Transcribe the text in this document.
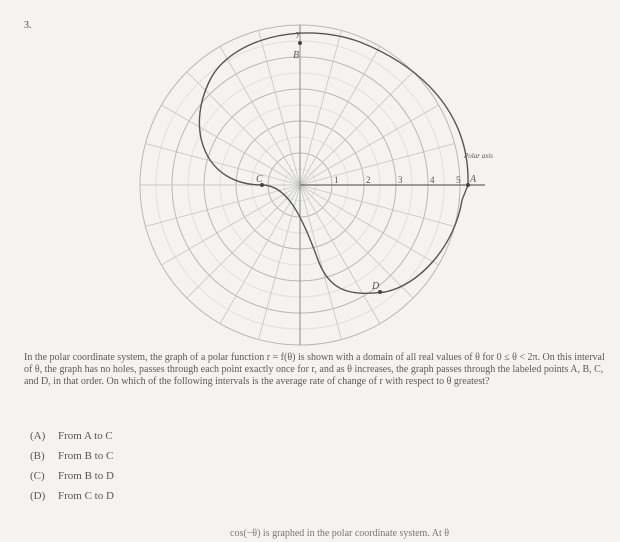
3.
y
1	2	3	4 5
Polar axis
A
B
C
D

In the polar coordinate system, the graph of a polar function r = f(θ) is shown with a domain of all real values of θ for 0 ≤ θ < 2π. On this interval of θ, the graph has no holes, passes through each point exactly once for r, and as θ increases, the graph passes through the labeled points A, B, C, and D, in that order. On which of the following intervals is the average rate of change of r with respect to θ greatest?

(A)	From A to C
(B)	From B to C
(C)	From B to D
(D)	From C to D
cos(−θ) is graphed in the polar coordinate system. At θ
